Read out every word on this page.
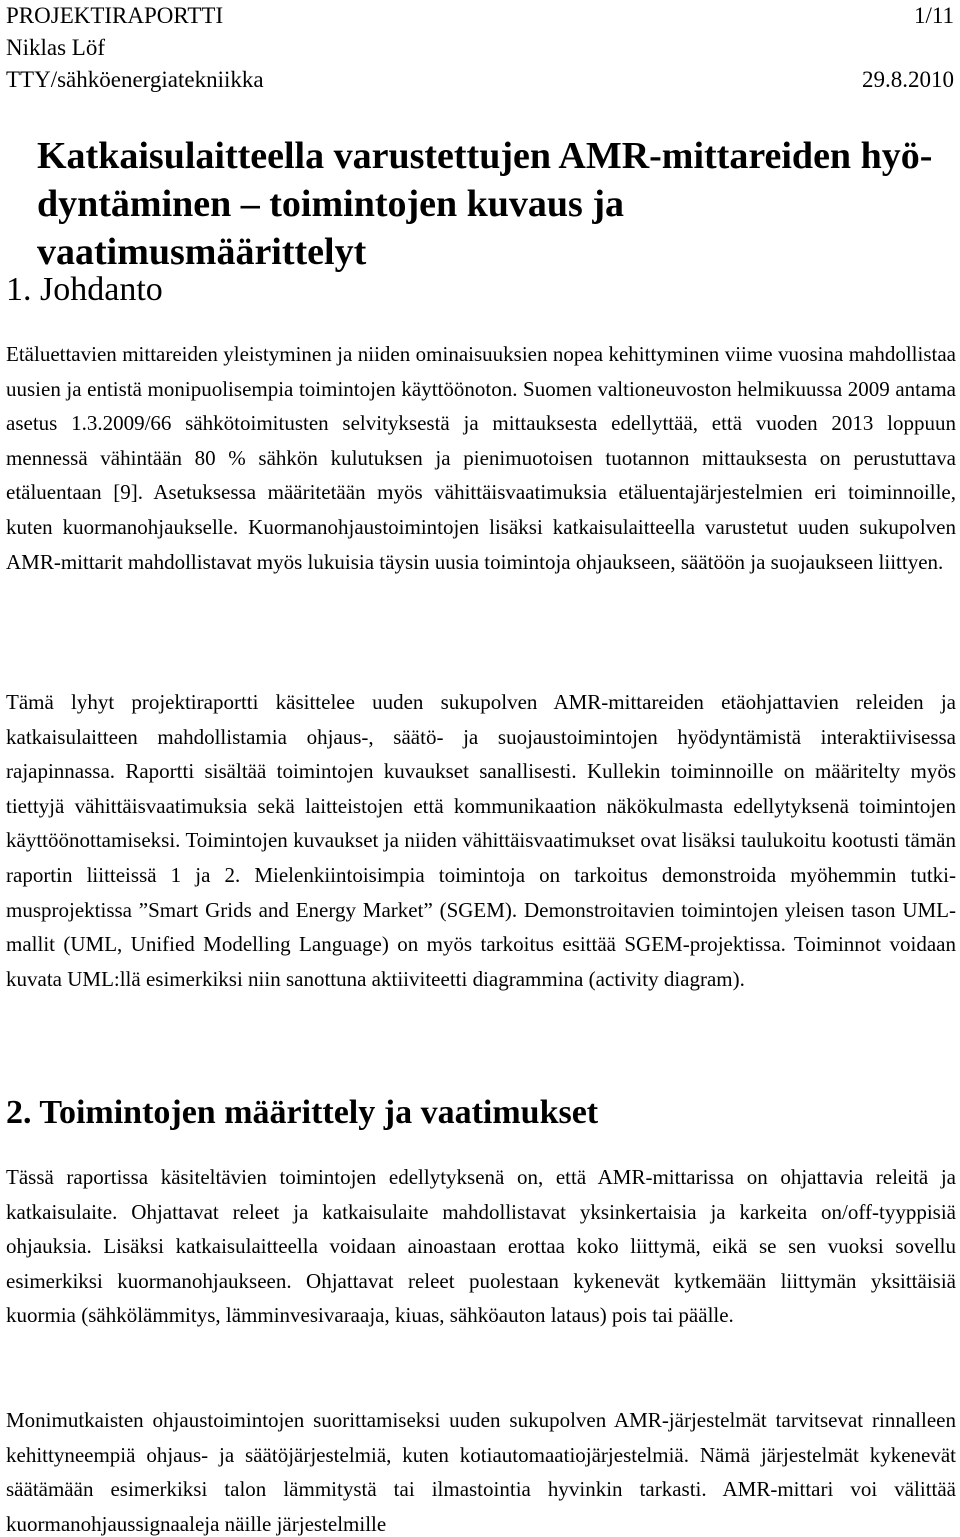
PROJEKTIRAPORTTI	1/11
Niklas Löf
TTY/sähköenergiatekniikka	29.8.2010
Katkaisulaitteella varustettujen AMR-mittareiden hyö-
dyntäminen – toimintojen kuvaus ja vaatimusmäärittelyt
1. Johdanto

Etäluettavien mittareiden yleistyminen ja niiden ominaisuuksien nopea kehittyminen viime vuosina mahdollistaa uusien ja entistä monipuolisempia toimintojen käyttöönoton. Suomen valtioneuvoston helmikuussa 2009 antama asetus 1.3.2009/66 sähkötoimitusten selvityksestä ja mittauksesta edellyttää, että vuoden 2013 loppuun mennessä vähintään 80 % sähkön kulutuksen ja pienimuotoisen tuotannon mittauksesta on perustuttava etäluentaan [9]. Asetuksessa määritetään myös vähittäisvaatimuksia etäluentajärjestelmien eri toiminnoille, kuten kuormanohjaukselle. Kuormanohjaustoimintojen lisäksi katkaisulaitteella varustetut uuden sukupolven AMR-mittarit mahdollistavat myös lukuisia täysin uusia toimintoja ohjaukseen, säätöön ja suojaukseen liittyen.

Tämä lyhyt projektiraportti käsittelee uuden sukupolven AMR-mittareiden etäohjattavien releiden ja katkaisulaitteen mahdollistamia ohjaus-, säätö- ja suojaustoimintojen hyödyntämistä interaktiivisessa rajapinnassa. Raportti sisältää toimintojen kuvaukset sanallisesti. Kullekin toiminnoille on määritelty myös tiettyjä vähittäisvaatimuksia sekä laitteistojen että kommunikaation näkökulmasta edellytyksenä toimintojen käyttöönottamiseksi. Toimintojen kuvaukset ja niiden vähittäisvaatimukset ovat lisäksi taulukoitu kootusti tämän raportin liitteissä 1 ja 2. Mielenkiintoisimpia toimintoja on tarkoitus demonstroida myöhemmin tutkimusprojektissa ”Smart Grids and Energy Market” (SGEM). Demonstroitavien toimintojen yleisen tason UML-mallit (UML, Unified Modelling Language) on myös tarkoitus esittää SGEM-projektissa. Toiminnot voidaan kuvata UML:llä esimerkiksi niin sanottuna aktiiviteetti diagrammina (activity diagram).

2. Toimintojen määrittely ja vaatimukset

Tässä raportissa käsiteltävien toimintojen edellytyksenä on, että AMR-mittarissa on ohjattavia releitä ja katkaisulaite. Ohjattavat releet ja katkaisulaite mahdollistavat yksinkertaisia ja karkeita on/off-tyyppisiä ohjauksia. Lisäksi katkaisulaitteella voidaan ainoastaan erottaa koko liittymä, eikä se sen vuoksi sovellu esimerkiksi kuormanohjaukseen. Ohjattavat releet puolestaan kykenevät kytkemään liittymän yksittäisiä kuormia (sähkölämmitys, lämminvesivaraaja, kiuas, sähköauton lataus) pois tai päälle.

Monimutkaisten ohjaustoimintojen suorittamiseksi uuden sukupolven AMR-järjestelmät tarvitsevat rinnalleen kehittyneempiä ohjaus- ja säätöjärjestelmiä, kuten kotiautomaatiojärjestelmiä. Nämä järjestelmät kykenevät säätämään esimerkiksi talon lämmitystä tai ilmastointia hyvinkin tarkasti. AMR-mittari voi välittää kuormanohjaussignaaleja näille järjestelmille
